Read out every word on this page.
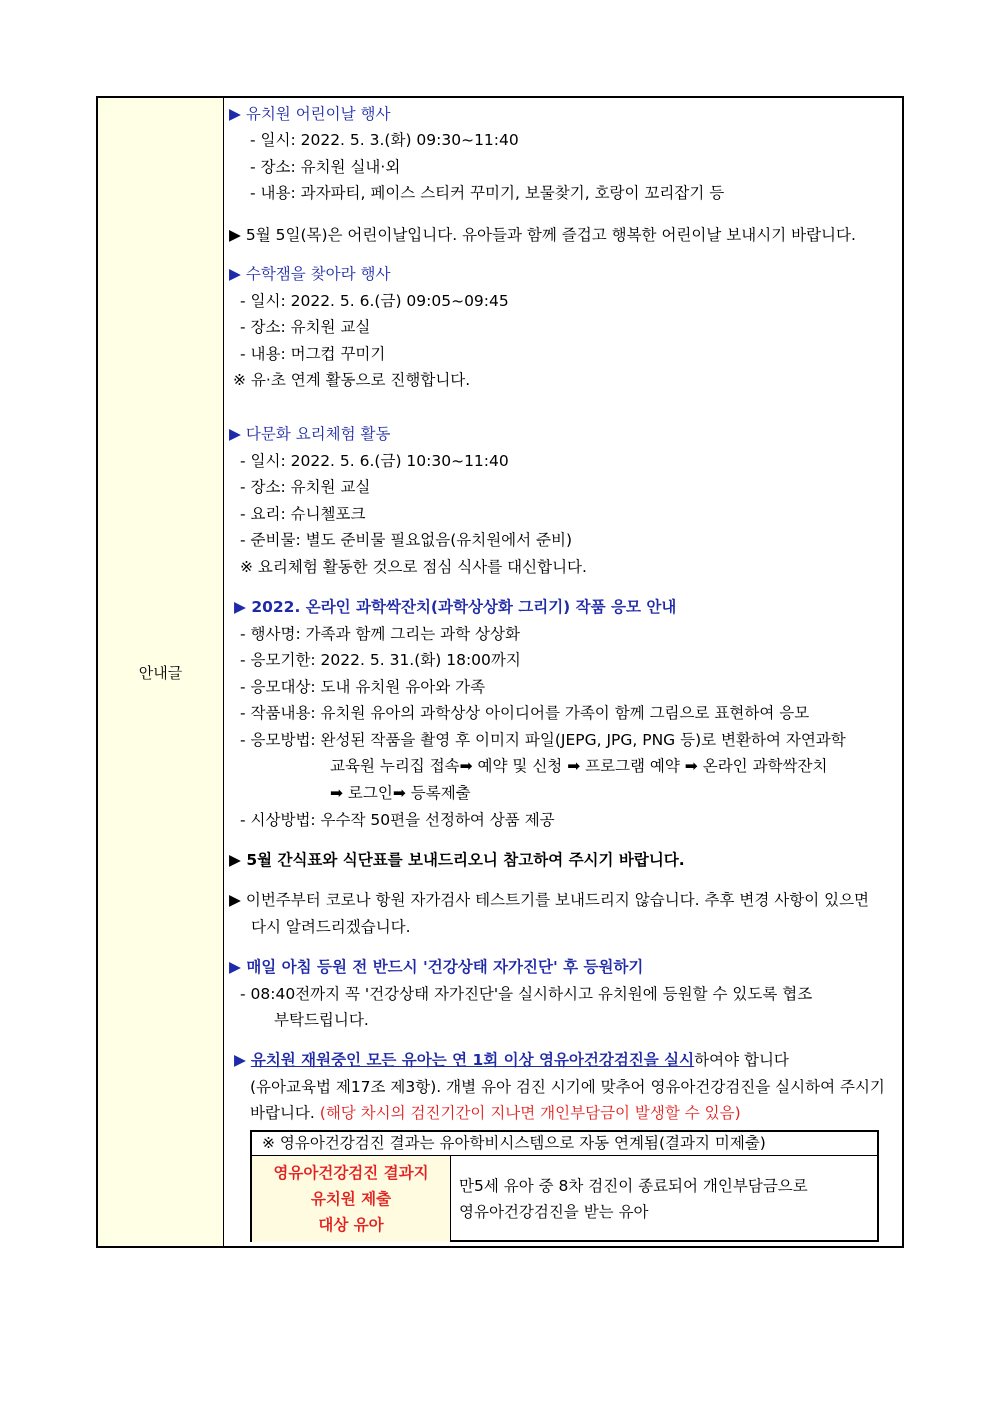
안내글
▶ 유치원 어린이날 행사
- 일시: 2022. 5. 3.(화) 09:30~11:40
- 장소: 유치원 실내·외
- 내용: 과자파티, 페이스 스티커 꾸미기, 보물찾기, 호랑이 꼬리잡기 등
▶ 5월 5일(목)은 어린이날입니다. 유아들과 함께 즐겁고 행복한 어린이날 보내시기 바랍니다.
▶ 수학잼을 찾아라 행사
- 일시: 2022. 5. 6.(금) 09:05~09:45
- 장소: 유치원 교실
- 내용: 머그컵 꾸미기
※ 유·초 연계 활동으로 진행합니다.
▶ 다문화 요리체험 활동
- 일시: 2022. 5. 6.(금) 10:30~11:40
- 장소: 유치원 교실
- 요리: 슈니첼포크
- 준비물: 별도 준비물 필요없음(유치원에서 준비)
※ 요리체험 활동한 것으로 점심 식사를 대신합니다.
▶ 2022. 온라인 과학싹잔치(과학상상화 그리기) 작품 응모 안내
- 행사명: 가족과 함께 그리는 과학 상상화
- 응모기한: 2022. 5. 31.(화) 18:00까지
- 응모대상: 도내 유치원 유아와 가족
- 작품내용: 유치원 유아의 과학상상 아이디어를 가족이 함께 그림으로 표현하여 응모
- 응모방법: 완성된 작품을 촬영 후 이미지 파일(JEPG, JPG, PNG 등)로 변환하여 자연과학
교육원 누리집 접속➡ 예약 및 신청 ➡ 프로그램 예약 ➡ 온라인 과학싹잔치
➡ 로그인➡ 등록제출
- 시상방법: 우수작 50편을 선정하여 상품 제공
▶ 5월 간식표와 식단표를 보내드리오니 참고하여 주시기 바랍니다.
▶ 이번주부터 코로나 항원 자가검사 테스트기를 보내드리지 않습니다. 추후 변경 사항이 있으면
다시 알려드리겠습니다.
▶ 매일 아침 등원 전 반드시 '건강상태 자가진단' 후 등원하기
- 08:40전까지 꼭 '건강상태 자가진단'을 실시하시고 유치원에 등원할 수 있도록 협조
부탁드립니다.
▶ 유치원 재원중인 모든 유아는 연 1회 이상 영유아건강검진을 실시하여야 합니다
(유아교육법 제17조 제3항). 개별 유아 검진 시기에 맞추어 영유아건강검진을 실시하여 주시기
바랍니다. (해당 차시의 검진기간이 지나면 개인부담금이 발생할 수 있음)
※ 영유아건강검진 결과는 유아학비시스템으로 자동 연계됨(결과지 미제출)
영유아건강검진 결과지
유치원 제출
대상 유아
만5세 유아 중 8차 검진이 종료되어 개인부담금으로
영유아건강검진을 받는 유아
